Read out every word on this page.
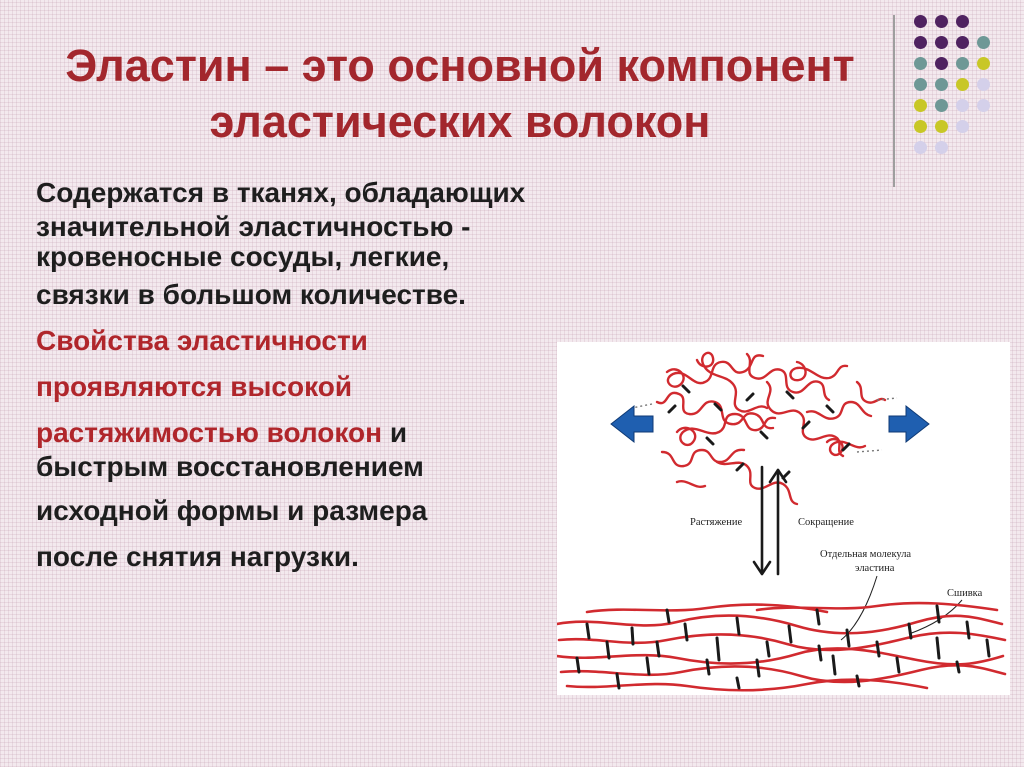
Эластин – это основной компонент
эластических волокон
Содержатся в тканях, обладающих
значительной эластичностью -
кровеносные сосуды, легкие,
связки в большом количестве.
Свойства эластичности
проявляются высокой
растяжимостью волокон и
быстрым восстановлением
исходной формы и размера
после снятия нагрузки.
Растяжение	Сокращение
Отдельная молекула
эластина
Сшивка
